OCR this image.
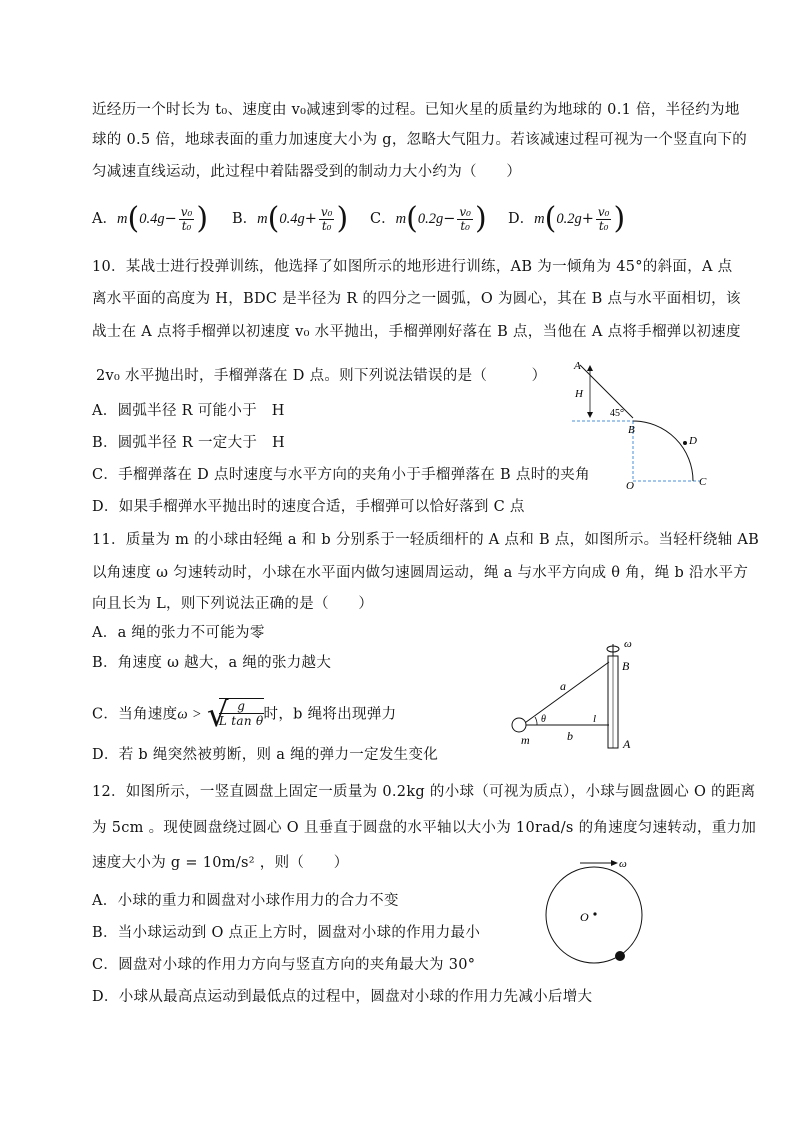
近经历一个时长为 t₀、速度由 v₀减速到零的过程。已知火星的质量约为地球的 0.1 倍，半径约为地
球的 0.5 倍，地球表面的重力加速度大小为 g，忽略大气阻力。若该减速过程可视为一个竖直向下的
匀减速直线运动，此过程中着陆器受到的制动力大小约为（　　）
A．$m(0.4g- \frac{\text{v₀}}{\text{t₀}}$ ) B．$m(0.4g+ \frac{\text{v₀}}{\text{t₀}}$ ) C．$m(0.2g- \frac{\text{v₀}}{\text{t₀}}$ ) D．$m(0.2g+ \frac{\text{v₀}}{\text{t₀}}$ )
10．某战士进行投弹训练，他选择了如图所示的地形进行训练，AB 为一倾角为 45°的斜面，A 点
离水平面的高度为 H，BDC 是半径为 R 的四分之一圆弧，O 为圆心，其在 B 点与水平面相切，该
战士在 A 点将手榴弹以初速度 v₀ 水平抛出，手榴弹刚好落在 B 点，当他在 A 点将手榴弹以初速度
2v₀ 水平抛出时，手榴弹落在 D 点。则下列说法错误的是（　　　）
A．圆弧半径 R 可能小于　H
B．圆弧半径 R 一定大于　H
C．手榴弹落在 D 点时速度与水平方向的夹角小于手榴弹落在 B 点时的夹角
D．如果手榴弹水平抛出时的速度合适，手榴弹可以恰好落到 C 点
A
H
45°
B
D
O	C
11．质量为 m 的小球由轻绳 a 和 b 分别系于一轻质细杆的 A 点和 B 点，如图所示。当轻杆绕轴 AB
以角速度 ω 匀速转动时，小球在水平面内做匀速圆周运动，绳 a 与水平方向成 θ 角，绳 b 沿水平方
向且长为 L，则下列说法正确的是（　　）
A．a 绳的张力不可能为零
B．角速度 ω 越大，a 绳的张力越大
C．当角速度ω > √
$\frac{g}{\text{L tan θ}}$ 时，b 绳将出现弹力
D．若 b 绳突然被剪断，则 a 绳的弹力一定发生变化
ω
B
a
θ	l
m	b
A
12．如图所示，一竖直圆盘上固定一质量为 0.2kg 的小球（可视为质点），小球与圆盘圆心 O 的距离
为 5cm 。现使圆盘绕过圆心 O 且垂直于圆盘的水平轴以大小为 10rad/s 的角速度匀速转动，重力加
速度大小为 g = 10m/s² ，则（　　）
A．小球的重力和圆盘对小球作用力的合力不变
B．当小球运动到 O 点正上方时，圆盘对小球的作用力最小
C．圆盘对小球的作用力方向与竖直方向的夹角最大为 30°
D．小球从最高点运动到最低点的过程中，圆盘对小球的作用力先减小后增大
ω
O
